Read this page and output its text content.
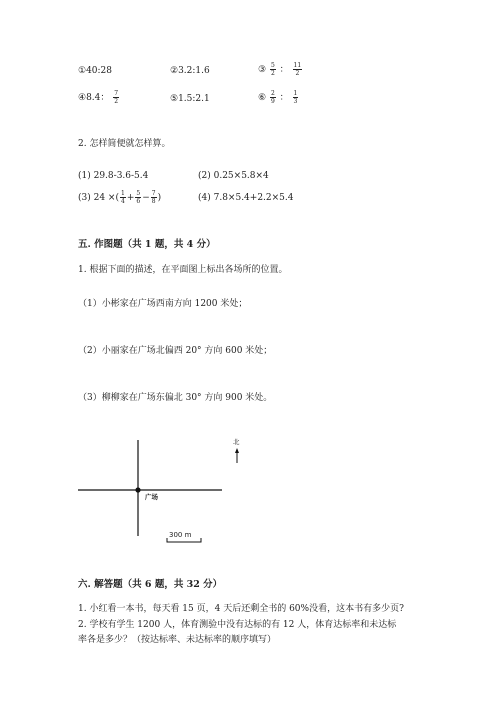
①40:28	②3.2:1.6	③ $\frac{5}{2}$ ： $\frac{11}{2}$
④8.4： $\frac{7}{2}$	⑤1.5:2.1	⑥ $\frac{2}{9}$ ： $\frac{1}{3}$
2. 怎样简便就怎样算。
(1) 29.8-3.6-5.4	(2) 0.25×5.8×4
(3) 24 ×( $\frac{1}{4} + \frac{5}{6} - \frac{7}{8}$ )	(4) 7.8×5.4+2.2×5.4
五. 作图题（共 1 题，共 4 分）
1. 根据下面的描述，在平面图上标出各场所的位置。
（1）小彬家在广场西南方向 1200 米处；
（2）小丽家在广场北偏西 20° 方向 600 米处；
（3）柳柳家在广场东偏北 30° 方向 900 米处。
北
广场
300 m
六. 解答题（共 6 题，共 32 分）
1. 小红看一本书，每天看 15 页，4 天后还剩全书的 60%没看，这本书有多少页?
2. 学校有学生 1200 人，体育测验中没有达标的有 12 人，体育达标率和未达标
率各是多少？（按达标率、未达标率的顺序填写）
